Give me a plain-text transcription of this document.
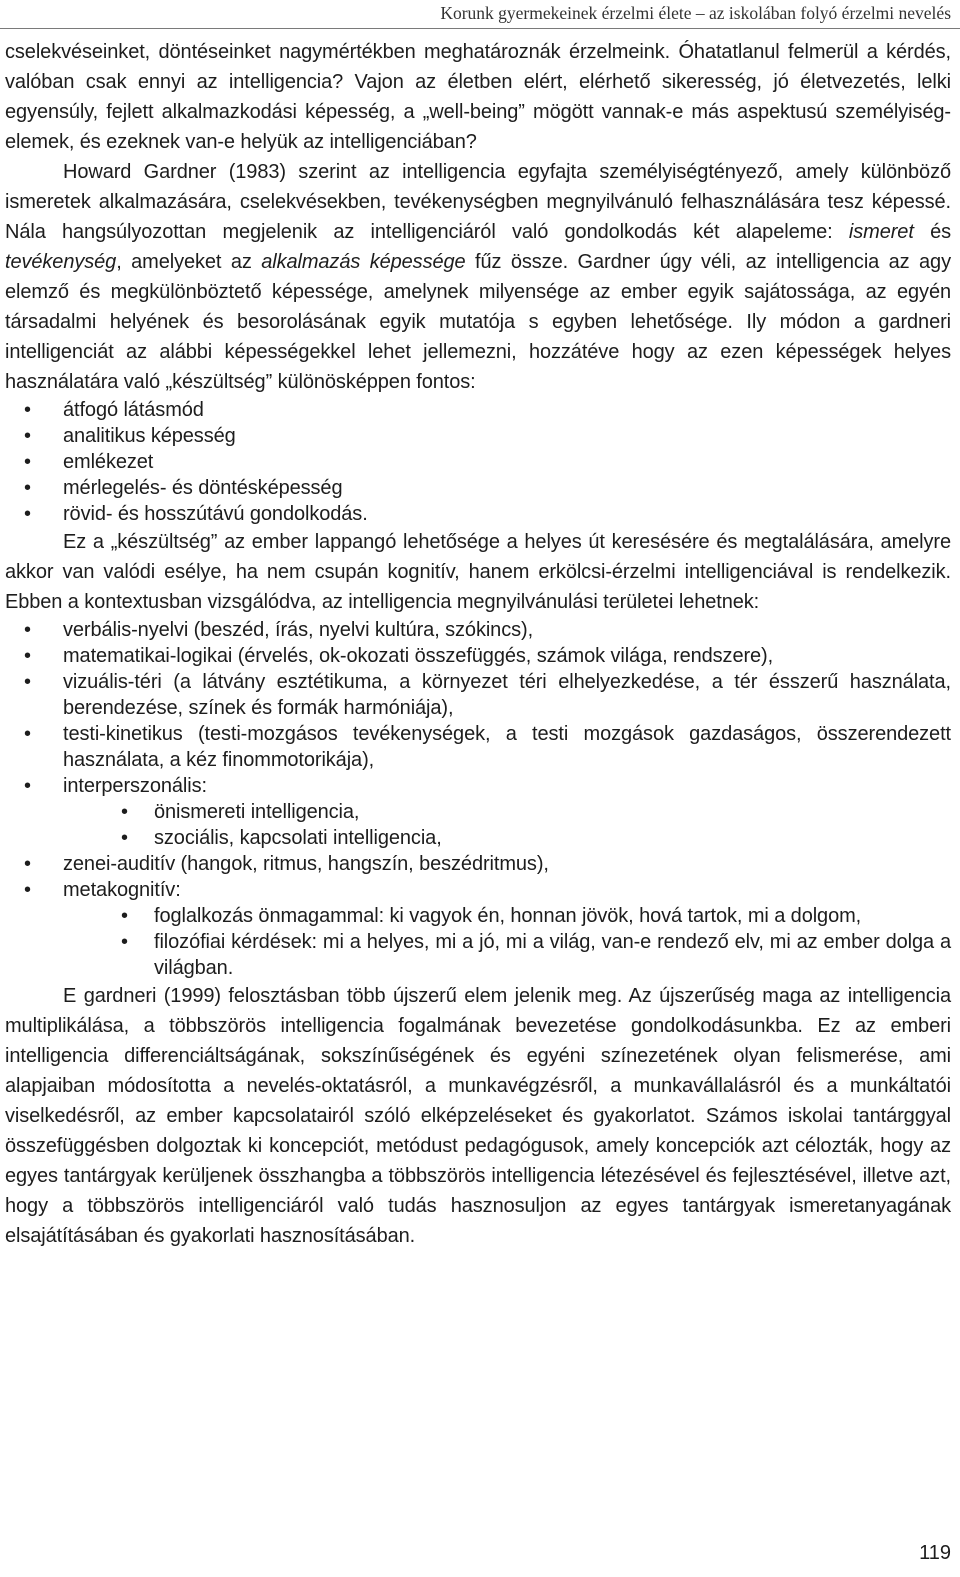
Korunk gyermekeinek érzelmi élete – az iskolában folyó érzelmi nevelés

cselekvéseinket, döntéseinket nagymértékben meghatároznák érzelmeink. Óhatatlanul felmerül a kérdés, valóban csak ennyi az intelligencia? Vajon az életben elért, elérhető sikeresség, jó életvezetés, lelki egyensúly, fejlett alkalmazkodási képesség, a „well-being” mögött vannak-e más aspektusú személyiség-elemek, és ezeknek van-e helyük az intelligenciában?

Howard Gardner (1983) szerint az intelligencia egyfajta személyiségtényező, amely különböző ismeretek alkalmazására, cselekvésekben, tevékenységben megnyilvánuló felhasználására tesz képessé. Nála hangsúlyozottan megjelenik az intelligenciáról való gondolkodás két alapeleme: ismeret és tevékenység, amelyeket az alkalmazás képessége fűz össze. Gardner úgy véli, az intelligencia az agy elemző és megkülönböztető képessége, amelynek milyensége az ember egyik sajátossága, az egyén társadalmi helyének és besorolásának egyik mutatója s egyben lehetősége. Ily módon a gardneri intelligenciát az alábbi képességekkel lehet jellemezni, hozzátéve hogy az ezen képességek helyes használatára való „készültség” különösképpen fontos:

• átfogó látásmód
• analitikus képesség
• emlékezet
• mérlegelés- és döntésképesség
• rövid- és hosszútávú gondolkodás.

Ez a „készültség” az ember lappangó lehetősége a helyes út keresésére és megtalálására, amelyre akkor van valódi esélye, ha nem csupán kognitív, hanem erkölcsi-érzelmi intelligenciával is rendelkezik. Ebben a kontextusban vizsgálódva, az intelligencia megnyilvánulási területei lehetnek:

• verbális-nyelvi (beszéd, írás, nyelvi kultúra, szókincs),
• matematikai-logikai (érvelés, ok-okozati összefüggés, számok világa, rendszere),
• vizuális-téri (a látvány esztétikuma, a környezet téri elhelyezkedése, a tér ésszerű használata, berendezése, színek és formák harmóniája),
• testi-kinetikus (testi-mozgásos tevékenységek, a testi mozgások gazdaságos, összerendezett használata, a kéz finommotorikája),
• interperszonális:
• önismereti intelligencia,
• szociális, kapcsolati intelligencia,
• zenei-auditív (hangok, ritmus, hangszín, beszédritmus),
• metakognitív:
• foglalkozás önmagammal: ki vagyok én, honnan jövök, hová tartok, mi a dolgom,
• filozófiai kérdések: mi a helyes, mi a jó, mi a világ, van-e rendező elv, mi az ember dolga a világban.

E gardneri (1999) felosztásban több újszerű elem jelenik meg. Az újszerűség maga az intelligencia multiplikálása, a többszörös intelligencia fogalmának bevezetése gondolkodásunkba. Ez az emberi intelligencia differenciáltságának, sokszínűségének és egyéni színezetének olyan felismerése, ami alapjaiban módosította a nevelés-oktatásról, a munkavégzésről, a munkavállalásról és a munkáltatói viselkedésről, az ember kapcsolatairól szóló elképzeléseket és gyakorlatot. Számos iskolai tantárggyal összefüggésben dolgoztak ki koncepciót, metódust pedagógusok, amely koncepciók azt célozták, hogy az egyes tantárgyak kerüljenek összhangba a többszörös intelligencia létezésével és fejlesztésével, illetve azt, hogy a többszörös intelligenciáról való tudás hasznosuljon az egyes tantárgyak ismeretanyagának elsajátításában és gyakorlati hasznosításában.

119
